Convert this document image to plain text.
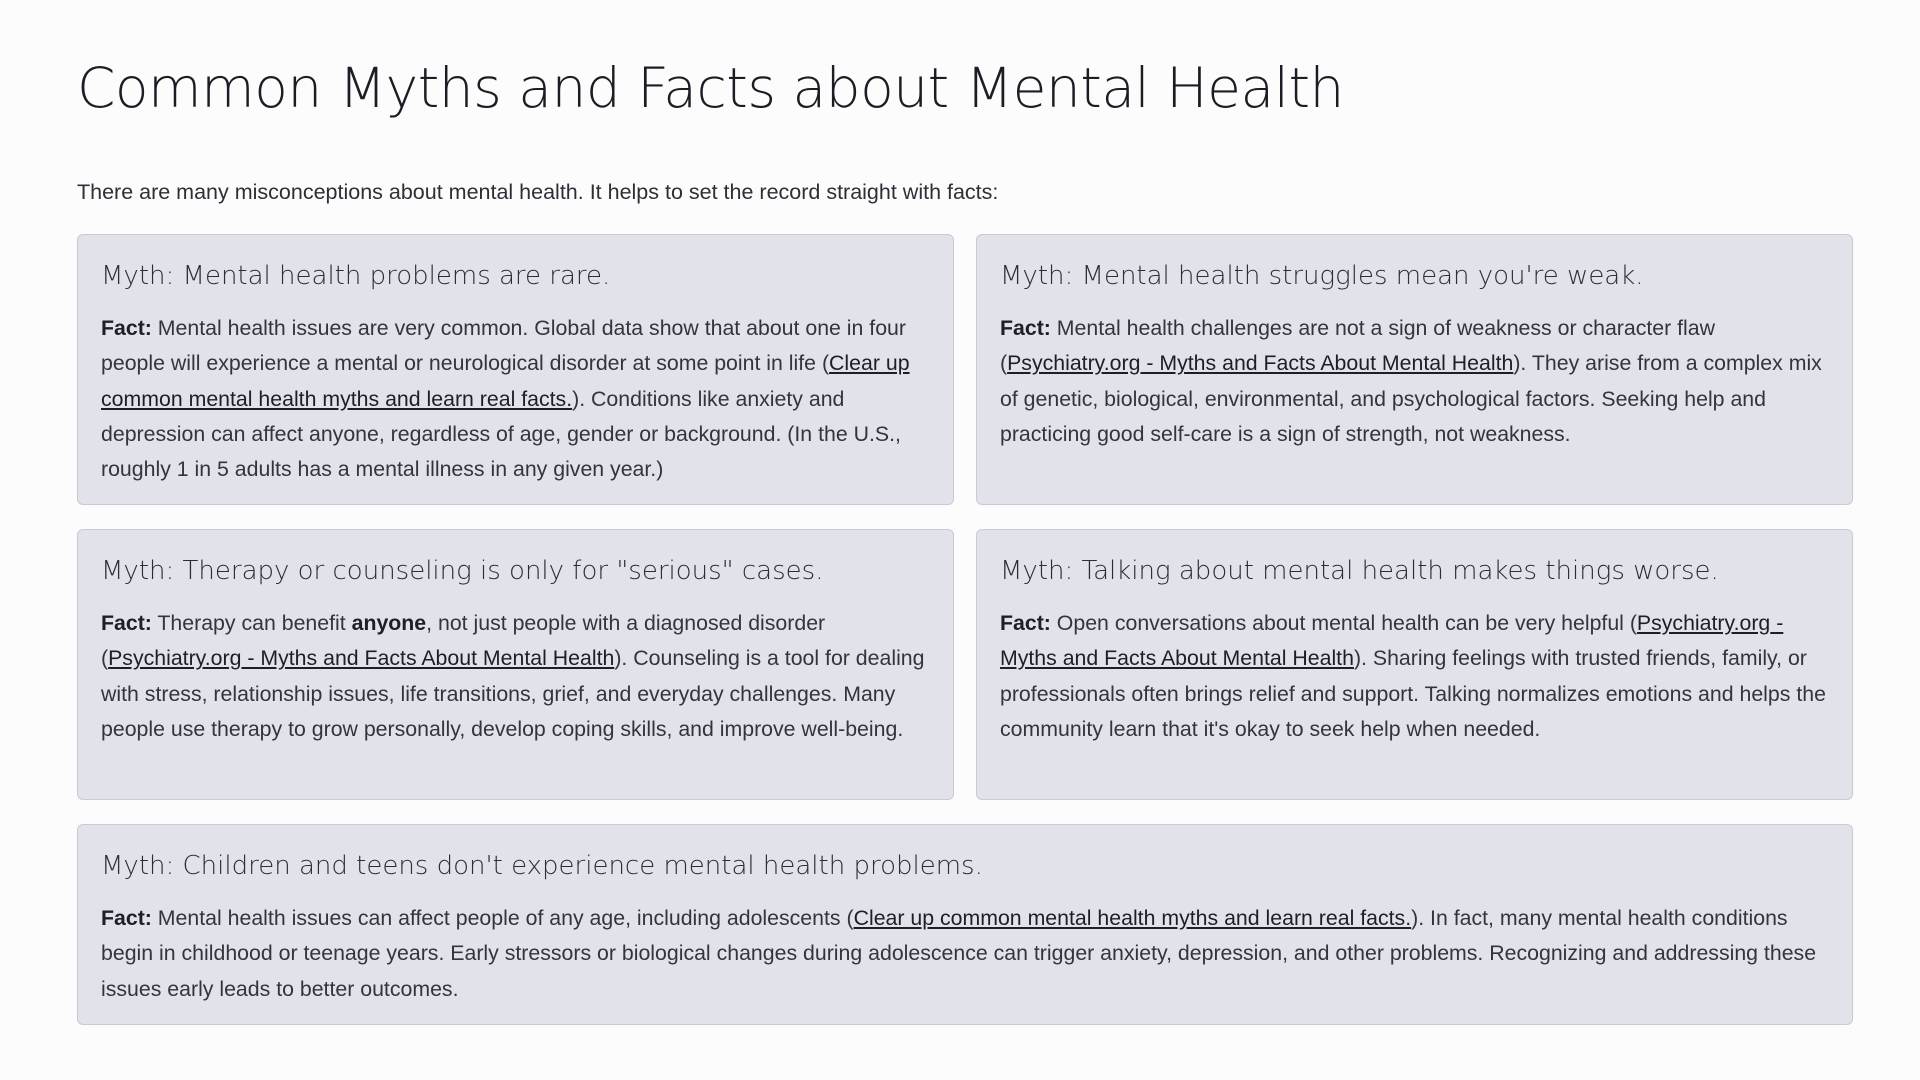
Common Myths and Facts about Mental Health

There are many misconceptions about mental health. It helps to set the record straight with facts:

Myth: Mental health problems are rare.

Fact: Mental health issues are very common. Global data show that about one in four people will experience a mental or neurological disorder at some point in life (Clear up common mental health myths and learn real facts.). Conditions like anxiety and depression can affect anyone, regardless of age, gender or background. (In the U.S., roughly 1 in 5 adults has a mental illness in any given year.)

Myth: Mental health struggles mean you're weak.

Fact: Mental health challenges are not a sign of weakness or character flaw (Psychiatry.org - Myths and Facts About Mental Health). They arise from a complex mix of genetic, biological, environmental, and psychological factors. Seeking help and practicing good self-care is a sign of strength, not weakness.

Myth: Therapy or counseling is only for "serious" cases.

Fact: Therapy can benefit anyone, not just people with a diagnosed disorder (Psychiatry.org - Myths and Facts About Mental Health). Counseling is a tool for dealing with stress, relationship issues, life transitions, grief, and everyday challenges. Many people use therapy to grow personally, develop coping skills, and improve well-being.

Myth: Talking about mental health makes things worse.

Fact: Open conversations about mental health can be very helpful (Psychiatry.org - Myths and Facts About Mental Health). Sharing feelings with trusted friends, family, or professionals often brings relief and support. Talking normalizes emotions and helps the community learn that it's okay to seek help when needed.

Myth: Children and teens don't experience mental health problems.

Fact: Mental health issues can affect people of any age, including adolescents (Clear up common mental health myths and learn real facts.). In fact, many mental health conditions begin in childhood or teenage years. Early stressors or biological changes during adolescence can trigger anxiety, depression, and other problems. Recognizing and addressing these issues early leads to better outcomes.
